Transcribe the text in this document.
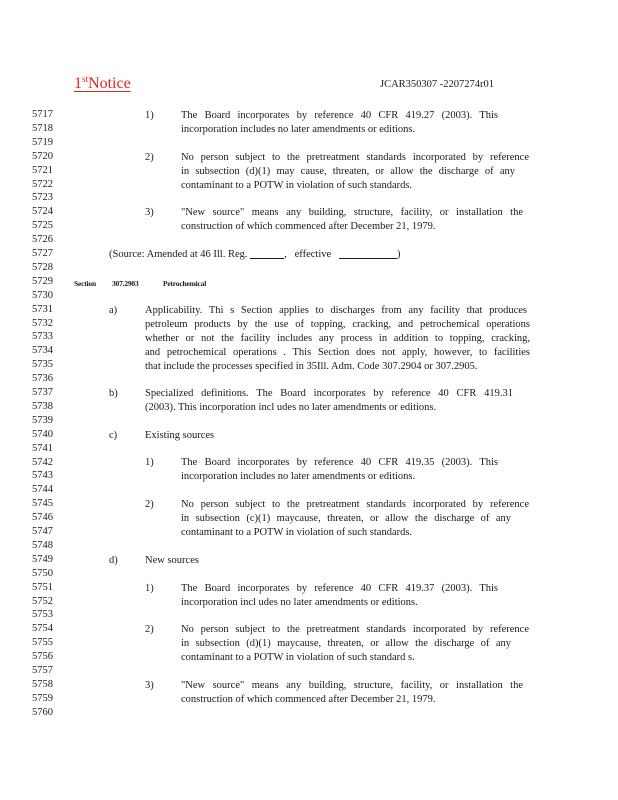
1stNotice	JCAR350307 -2207274r01
5717
5718
5719
5720
5721
5722
5723
5724
5725
5726
5727
5728
5729
5730
5731
5732
5733
5734
5735
5736
5737
5738
5739
5740
5741
5742
5743
5744
5745
5746
5747
5748
5749
5750
5751
5752
5753
5754
5755
5756
5757
5758
5759
5760
1)	The Board incorporates by reference 40 CFR 419.27 (2003). This
incorporation includes no later amendments or editions.
2)	No person subject to the pretreatment standards incorporated by reference
in subsection (d)(1) may cause, threaten, or allow the discharge of any
contaminant to a POTW in violation of such standards.
3)	"New source" means any building, structure, facility, or installation the
construction of which commenced after December 21, 1979.
(Source: Amended at 46 Ill. Reg.	,   effective	)
Section 307.2903	Petrochemical
a)	Applicability. Thi s Section applies to discharges from any facility that produces
petroleum products by the use of topping, cracking, and petrochemical operations
whether or not the facility includes any process in addition to topping, cracking,
and petrochemical operations . This Section does not apply, however, to facilities
that include the processes specified in 35Ill. Adm. Code 307.2904 or 307.2905.
b)	Specialized definitions. The Board incorporates by reference 40 CFR 419.31
(2003). This incorporation incl udes no later amendments or editions.
c)	Existing sources
1)	The Board incorporates by reference 40 CFR 419.35 (2003). This
incorporation includes no later amendments or editions.
2)	No person subject to the pretreatment standards incorporated by reference
in subsection (c)(1) maycause, threaten, or allow the discharge of any
contaminant to a POTW in violation of such standards.
d)	New sources
1)	The Board incorporates by reference 40 CFR 419.37 (2003). This
incorporation incl udes no later amendments or editions.
2)	No person subject to the pretreatment standards incorporated by reference
in subsection (d)(1) maycause, threaten, or allow the discharge of any
contaminant to a POTW in violation of such standard s.
3)	"New source" means any building, structure, facility, or installation the
construction of which commenced after December 21, 1979.
